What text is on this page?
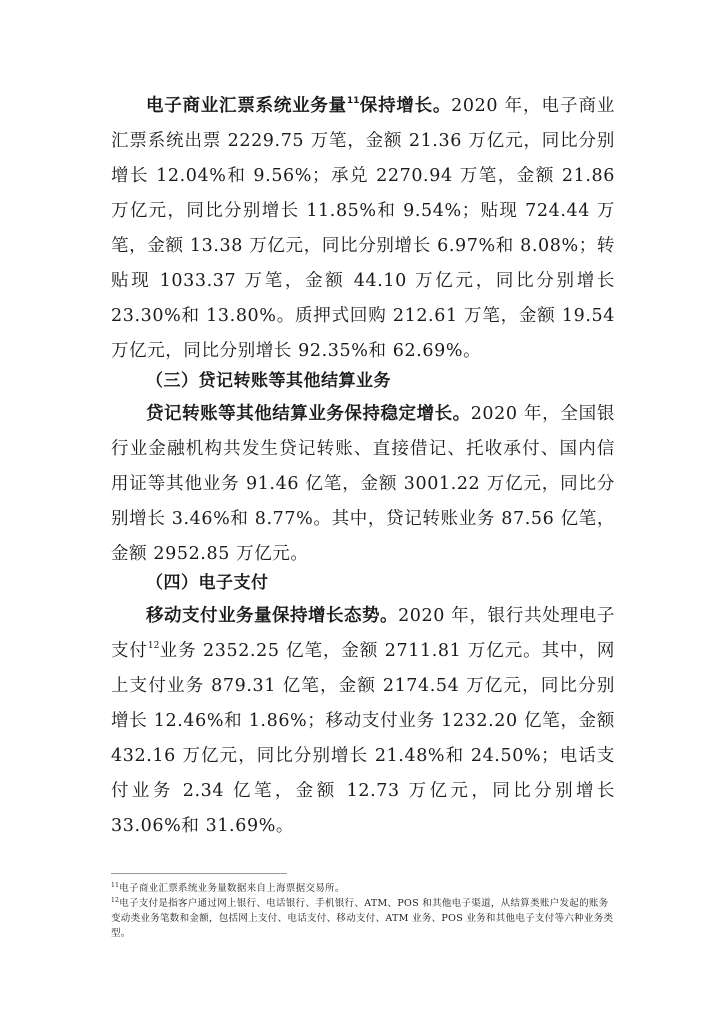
电子商业汇票系统业务量$^{11}$保持增长。2020 年，电子商业汇票系统出票 2229.75 万笔，金额 21.36 万亿元，同比分别增长 12.04%和 9.56%；承兑 2270.94 万笔，金额 21.86 万亿元，同比分别增长 11.85%和 9.54%；贴现 724.44 万笔，金额 13.38 万亿元，同比分别增长 6.97%和 8.08%；转贴现 1033.37 万笔，金额 44.10 万亿元，同比分别增长 23.30%和 13.80%。质押式回购 212.61 万笔，金额 19.54 万亿元，同比分别增长 92.35%和 62.69%。

（三）贷记转账等其他结算业务

贷记转账等其他结算业务保持稳定增长。2020 年，全国银行业金融机构共发生贷记转账、直接借记、托收承付、国内信用证等其他业务 91.46 亿笔，金额 3001.22 万亿元，同比分别增长 3.46%和 8.77%。其中，贷记转账业务 87.56 亿笔，金额 2952.85 万亿元。

（四）电子支付

移动支付业务量保持增长态势。2020 年，银行共处理电子支付$^{12}$业务 2352.25 亿笔，金额 2711.81 万亿元。其中，网上支付业务 879.31 亿笔，金额 2174.54 万亿元，同比分别增长 12.46%和 1.86%；移动支付业务 1232.20 亿笔，金额 432.16 万亿元，同比分别增长 21.48%和 24.50%；电话支付业务 2.34 亿笔，金额 12.73 万亿元，同比分别增长 33.06%和 31.69%。

$^{11}$电子商业汇票系统业务量数据来自上海票据交易所。

$^{12}$电子支付是指客户通过网上银行、电话银行、手机银行、ATM、POS 和其他电子渠道，从结算类账户发起的账务变动类业务笔数和金额，包括网上支付、电话支付、移动支付、ATM 业务、POS 业务和其他电子支付等六种业务类型。
